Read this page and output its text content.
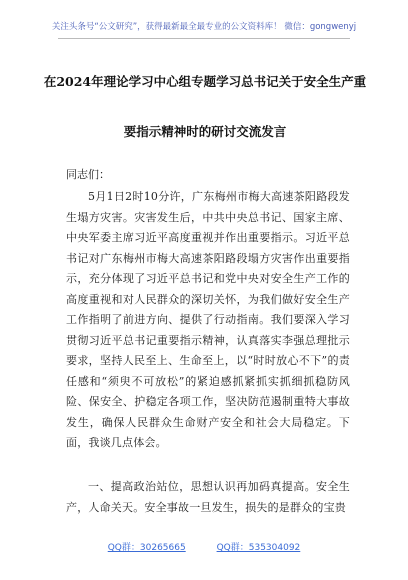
关注头条号“公文研究”，获得最新最全最专业的公文资料库！ 微信：gongwenyj
在2024年理论学习中心组专题学习总书记关于安全生产重
要指示精神时的研讨交流发言
同志们：
5月1日2时10分许，广东梅州市梅大高速茶阳路段发生塌方灾害。灾害发生后，中共中央总书记、国家主席、中央军委主席习近平高度重视并作出重要指示。习近平总书记对广东梅州市梅大高速茶阳路段塌方灾害作出重要指示，充分体现了习近平总书记和党中央对安全生产工作的高度重视和对人民群众的深切关怀，为我们做好安全生产工作指明了前进方向、提供了行动指南。我们要深入学习贯彻习近平总书记重要指示精神，认真落实李强总理批示要求，坚持人民至上、生命至上，以“时时放心不下”的责任感和“须臾不可放松”的紧迫感抓紧抓实抓细抓稳防风险、保安全、护稳定各项工作，坚决防范遏制重特大事故发生，确保人民群众生命财产安全和社会大局稳定。下面，我谈几点体会。
一、提高政治站位，思想认识再加码真提高。安全生产，人命关天。安全事故一旦发生，损失的是群众的宝贵
QQ群：30265665	QQ群：535304092
